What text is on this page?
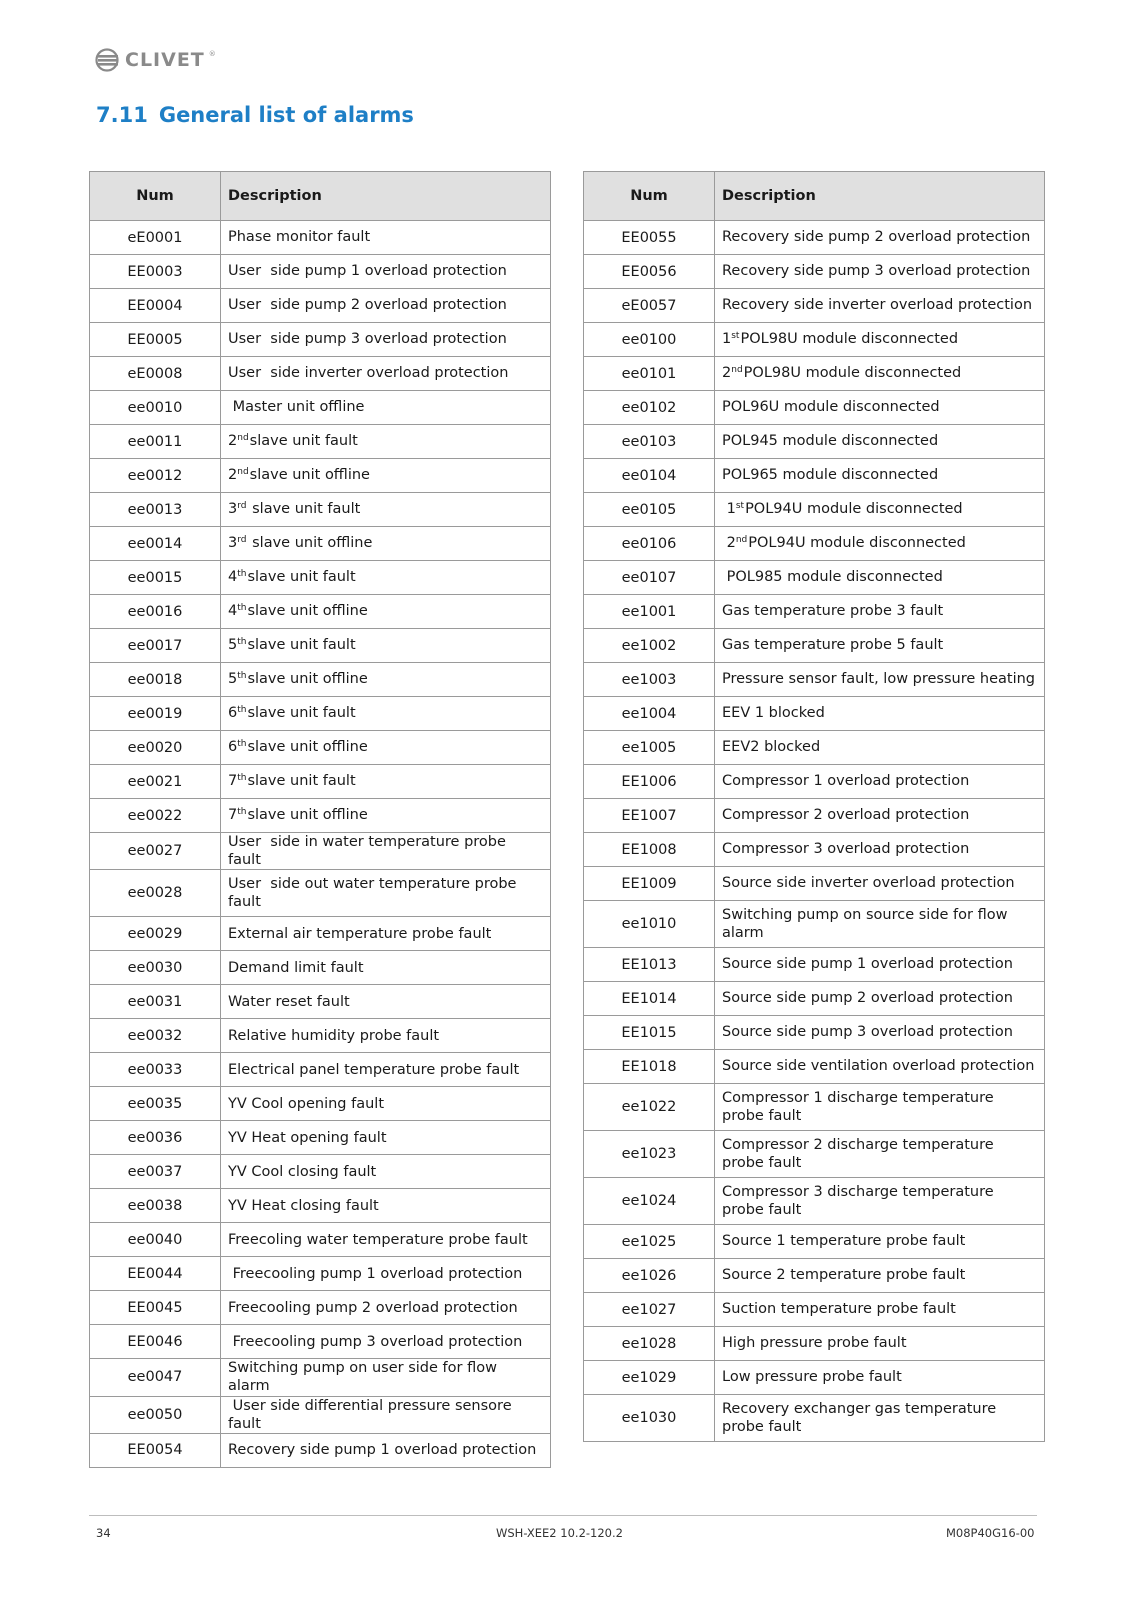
CLIVET ®
7.11 General list of alarms
Num	Description
eE0001	Phase monitor fault
EE0003	User  side pump 1 overload protection
EE0004	User  side pump 2 overload protection
EE0005	User  side pump 3 overload protection
eE0008	User  side inverter overload protection
ee0010	Master unit offline
ee0011	2ndslave unit fault
ee0012	2ndslave unit offline
ee0013	3rd slave unit fault
ee0014	3rd slave unit offline
ee0015	4thslave unit fault
ee0016	4thslave unit offline
ee0017	5thslave unit fault
ee0018	5thslave unit offline
ee0019	6thslave unit fault
ee0020	6thslave unit offline
ee0021	7thslave unit fault
ee0022	7thslave unit offline
ee0027	User  side in water temperature probe fault
ee0028	User  side out water temperature probe fault
ee0029	External air temperature probe fault
ee0030	Demand limit fault
ee0031	Water reset fault
ee0032	Relative humidity probe fault
ee0033	Electrical panel temperature probe fault
ee0035	YV Cool opening fault
ee0036	YV Heat opening fault
ee0037	YV Cool closing fault
ee0038	YV Heat closing fault
ee0040	Freecoling water temperature probe fault
EE0044	Freecooling pump 1 overload protection
EE0045	Freecooling pump 2 overload protection
EE0046	Freecooling pump 3 overload protection
ee0047	Switching pump on user side for flow alarm
ee0050	User side differential pressure sensore fault
EE0054	Recovery side pump 1 overload protection
Num	Description
EE0055	Recovery side pump 2 overload protection
EE0056	Recovery side pump 3 overload protection
eE0057	Recovery side inverter overload protection
ee0100	1stPOL98U module disconnected
ee0101	2ndPOL98U module disconnected
ee0102	POL96U module disconnected
ee0103	POL945 module disconnected
ee0104	POL965 module disconnected
ee0105	1stPOL94U module disconnected
ee0106	2ndPOL94U module disconnected
ee0107	POL985 module disconnected
ee1001	Gas temperature probe 3 fault
ee1002	Gas temperature probe 5 fault
ee1003	Pressure sensor fault, low pressure heating
ee1004	EEV 1 blocked
ee1005	EEV2 blocked
EE1006	Compressor 1 overload protection
EE1007	Compressor 2 overload protection
EE1008	Compressor 3 overload protection
EE1009	Source side inverter overload protection
ee1010	Switching pump on source side for flow alarm
EE1013	Source side pump 1 overload protection
EE1014	Source side pump 2 overload protection
EE1015	Source side pump 3 overload protection
EE1018	Source side ventilation overload protection
ee1022	Compressor 1 discharge temperature probe fault
ee1023	Compressor 2 discharge temperature probe fault
ee1024	Compressor 3 discharge temperature probe fault
ee1025	Source 1 temperature probe fault
ee1026	Source 2 temperature probe fault
ee1027	Suction temperature probe fault
ee1028	High pressure probe fault
ee1029	Low pressure probe fault
ee1030	Recovery exchanger gas temperature probe fault
34	WSH-XEE2 10.2-120.2	M08P40G16-00
